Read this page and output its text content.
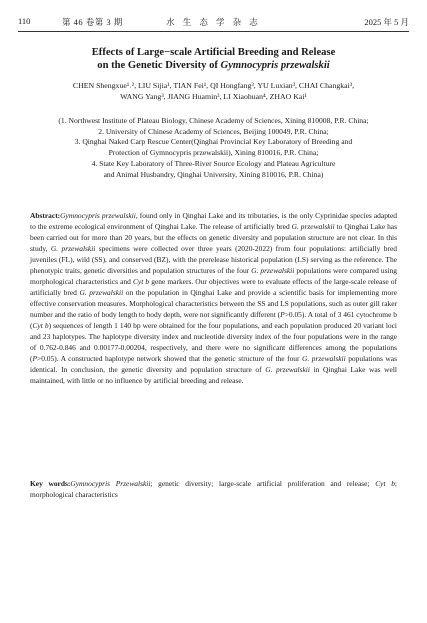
110	第 46 卷第 3 期	水 生 态 学 杂 志	2025 年 5 月
Effects of Large−scale Artificial Breeding and Release
on the Genetic Diversity of Gymnocypris przewalskii
CHEN Shengxue¹˒², LIU Sijia¹, TIAN Fei¹, QI Hongfang³, YU Luxian³, CHAI Changkai³,
WANG Yang³, JIANG Huamin³, LI Xiaohuan⁴, ZHAO Kai¹
(1. Northwest Institute of Plateau Biology, Chinese Academy of Sciences, Xining 810008, P.R. China;
2. University of Chinese Academy of Sciences, Beijing 100049, P.R. China;
3. Qinghai Naked Carp Rescue Center(Qinghai Provincial Key Laboratory of Breeding and
Protection of Gymnocypris przewalskii), Xining 810016, P.R. China;
4. State Key Laboratory of Three-River Source Ecology and Plateau Agriculture
and Animal Husbandry, Qinghai University, Xining 810016, P.R. China)
Abstract:Gymnocypris przewalskii, found only in Qinghai Lake and its tributaries, is the only Cyprinidae species adapted to the extreme ecological environment of Qinghai Lake. The release of artificially bred G. przewalskii to Qinghai Lake has been carried out for more than 20 years, but the effects on genetic diversity and population structure are not clear. In this study, G. przewalskii specimens were collected over three years (2020-2022) from four populations: artificially bred juveniles (FL), wild (SS), and conserved (BZ), with the prerelease historical population (LS) serving as the reference. The phenotypic traits, genetic diversities and population structures of the four G. przewalskii populations were compared using morphological characteristics and Cyt b gene markers. Our objectives were to evaluate effects of the large-scale release of artificially bred G. przewalskii on the population in Qinghai Lake and provide a scientific basis for implementing more effective conservation measures. Morphological characteristics between the SS and LS populations, such as outer gill raker number and the ratio of body length to body depth, were not significantly different (P>0.05). A total of 3 461 cytochrome b (Cyt b) sequences of length 1 140 bp were obtained for the four populations, and each population produced 20 variant loci and 23 haplotypes. The haplotype diversity index and nucleotide diversity index of the four populations were in the range of 0.762-0.846 and 0.00177-0.00204, respectively, and there were no significant differences among the populations (P>0.05). A constructed haplotype network showed that the genetic structure of the four G. przewalskii populations was identical. In conclusion, the genetic diversity and population structure of G. przewalskii in Qinghai Lake was well maintained, with little or no influence by artificial breeding and release.
Key words:Gymnocypris Przewalskii; genetic diversity; large-scale artificial proliferation and release; Cyt b; morphological characteristics
